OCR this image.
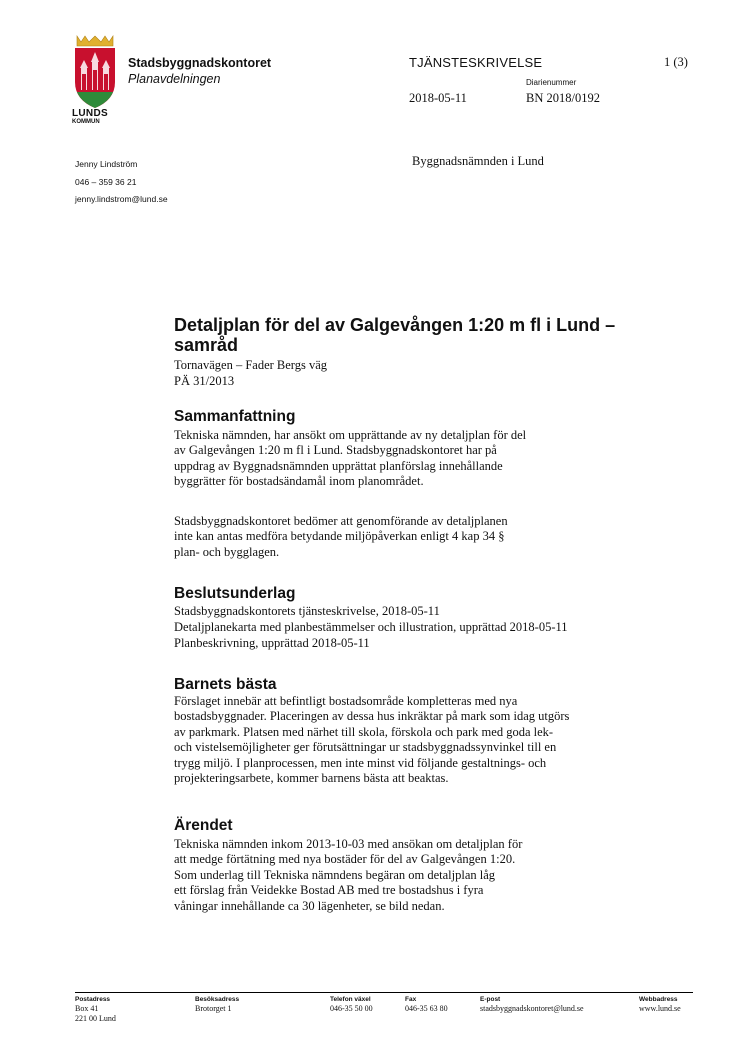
LUNDS
KOMMUN
Stadsbyggnadskontoret
Planavdelningen
TJÄNSTESKRIVELSE	1 (3)
Diarienummer
2018-05-11	BN 2018/0192
Jenny Lindström
046 – 359 36 21
jenny.lindstrom@lund.se
Byggnadsnämnden i Lund
Detaljplan för del av Galgevången 1:20 m fl i Lund – samråd
Tornavägen – Fader Bergs väg
PÄ 31/2013
Sammanfattning
Tekniska nämnden, har ansökt om upprättande av ny detaljplan för del
av Galgevången 1:20 m fl i Lund. Stadsbyggnadskontoret har på
uppdrag av Byggnadsnämnden upprättat planförslag innehållande
byggrätter för bostadsändamål inom planområdet.
Stadsbyggnadskontoret bedömer att genomförande av detaljplanen
inte kan antas medföra betydande miljöpåverkan enligt 4 kap 34 §
plan- och bygglagen.
Beslutsunderlag
Stadsbyggnadskontorets tjänsteskrivelse, 2018-05-11
Detaljplanekarta med planbestämmelser och illustration, upprättad 2018-05-11
Planbeskrivning, upprättad 2018-05-11
Barnets bästa
Förslaget innebär att befintligt bostadsområde kompletteras med nya
bostadsbyggnader. Placeringen av dessa hus inkräktar på mark som idag utgörs
av parkmark. Platsen med närhet till skola, förskola och park med goda lek-
och vistelsemöjligheter ger förutsättningar ur stadsbyggnadssynvinkel till en
trygg miljö. I planprocessen, men inte minst vid följande gestaltnings- och
projekteringsarbete, kommer barnens bästa att beaktas.
Ärendet
Tekniska nämnden inkom 2013-10-03 med ansökan om detaljplan för
att medge förtätning med nya bostäder för del av Galgevången 1:20.
Som underlag till Tekniska nämndens begäran om detaljplan låg
ett förslag från Veidekke Bostad AB med tre bostadshus i fyra
våningar innehållande ca 30 lägenheter, se bild nedan.
Postadress
Box 41
221 00 Lund
Besöksadress
Brotorget 1
Telefon växel
046-35 50 00
Fax
046-35 63 80
E-post
stadsbyggnadskontoret@lund.se
Webbadress
www.lund.se
